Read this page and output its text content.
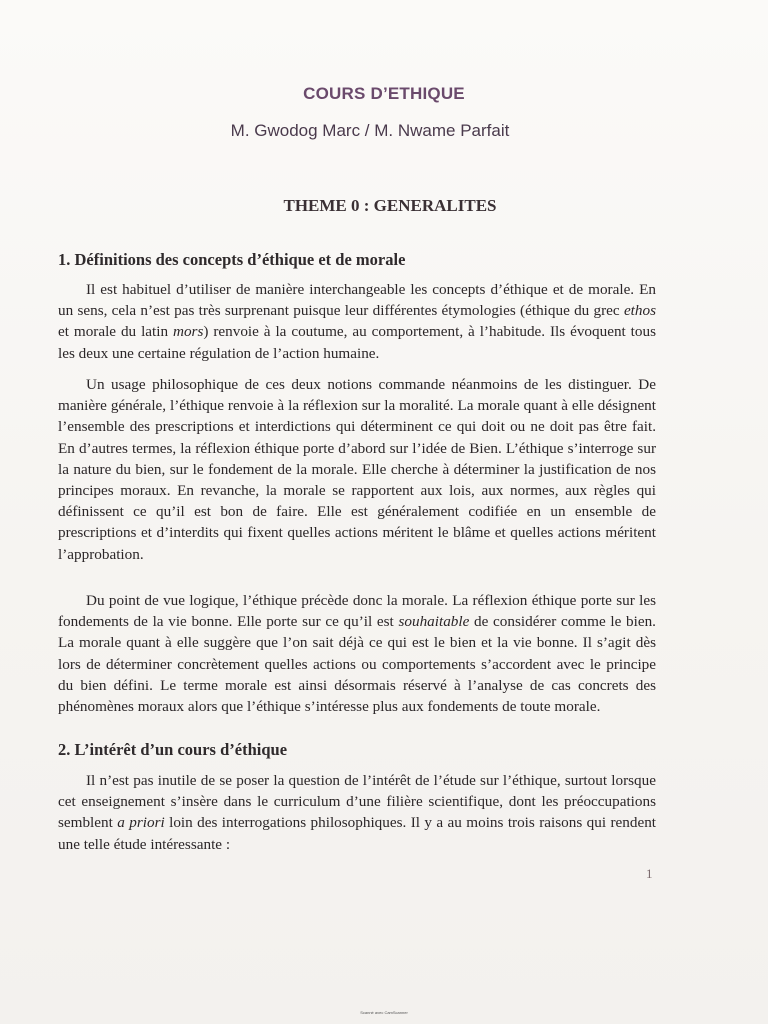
COURS D’ETHIQUE
M. Gwodog Marc / M. Nwame Parfait
THEME 0 : GENERALITES
1. Définitions des concepts d’éthique et de morale

Il est habituel d’utiliser de manière interchangeable les concepts d’éthique et de morale. En un sens, cela n’est pas très surprenant puisque leur différentes étymologies (éthique du grec ethos et morale du latin mors) renvoie à la coutume, au comportement, à l’habitude. Ils évoquent tous les deux une certaine régulation de l’action humaine.

Un usage philosophique de ces deux notions commande néanmoins de les distinguer. De manière générale, l’éthique renvoie à la réflexion sur la moralité. La morale quant à elle désignent l’ensemble des prescriptions et interdictions qui déterminent ce qui doit ou ne doit pas être fait. En d’autres termes, la réflexion éthique porte d’abord sur l’idée de Bien. L’éthique s’interroge sur la nature du bien, sur le fondement de la morale. Elle cherche à déterminer la justification de nos principes moraux. En revanche, la morale se rapportent aux lois, aux normes, aux règles qui définissent ce qu’il est bon de faire. Elle est généralement codifiée en un ensemble de prescriptions et d’interdits qui fixent quelles actions méritent le blâme et quelles actions méritent l’approbation.

Du point de vue logique, l’éthique précède donc la morale. La réflexion éthique porte sur les fondements de la vie bonne. Elle porte sur ce qu’il est souhaitable de considérer comme le bien. La morale quant à elle suggère que l’on sait déjà ce qui est le bien et la vie bonne. Il s’agit dès lors de déterminer concrètement quelles actions ou comportements s’accordent avec le principe du bien défini. Le terme morale est ainsi désormais réservé à l’analyse de cas concrets des phénomènes moraux alors que l’éthique s’intéresse plus aux fondements de toute morale.

2. L’intérêt d’un cours d’éthique

Il n’est pas inutile de se poser la question de l’intérêt de l’étude sur l’éthique, surtout lorsque cet enseignement s’insère dans le curriculum d’une filière scientifique, dont les préoccupations semblent a priori loin des interrogations philosophiques. Il y a au moins trois raisons qui rendent une telle étude intéressante :

1
Scanné avec CamScanner
